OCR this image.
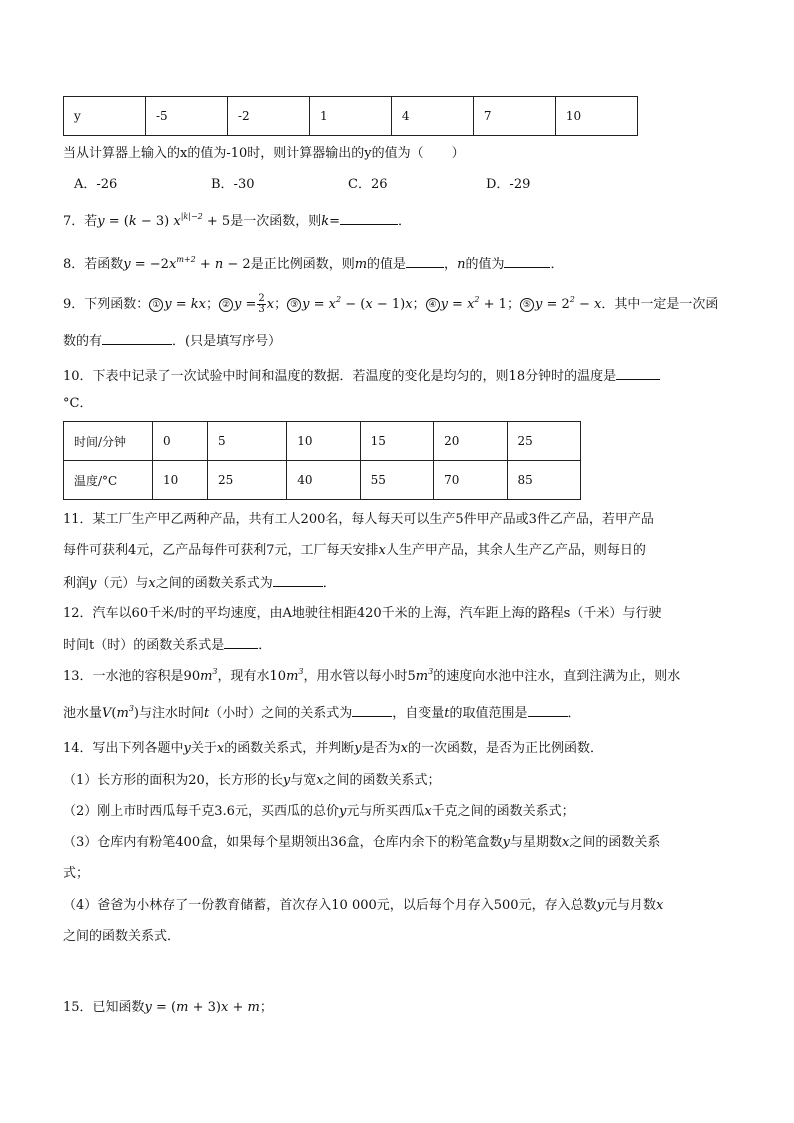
y	-5	-2	1	4	7	10
当从计算器上输入的x的值为-10时，则计算器输出的y的值为（ ）
A．-26	B．-30	C．26	D．-29
7．若y = (k − 3) $x^{|k|-2} + 5$是一次函数，则k=	．
8．若函数$y = -2x^{m+2} + n - 2$是正比例函数，则m的值是	，n的值为	．
9．下列函数： ① y = kx； ② $y = \frac{2}{3}$ x； ③ $y = x^2 - (x - 1)x$； ④ $y = x^2 + 1$； ⑤ $y = 2^2 - x$．其中一定是一次函
数的有	．(只是填写序号）
10．下表中记录了一次试验中时间和温度的数据．若温度的变化是均匀的，则18分钟时的温度是
°C．
时间/分钟	0	5	10	15	20	25
温度/°C	10	25	40	55	70	85
11．某工厂生产甲乙两种产品，共有工人200名，每人每天可以生产5件甲产品或3件乙产品，若甲产品
每件可获利4元，乙产品每件可获利7元，工厂每天安排x人生产甲产品，其余人生产乙产品，则每日的
利润y（元）与x之间的函数关系式为	．
12．汽车以60千米/时的平均速度，由A地驶往相距420千米的上海，汽车距上海的路程s（千米）与行驶
时间t（时）的函数关系式是	．
13．一水池的容积是$90m^3$，现有水$10m^3$，用水管以每小时$5m^3$的速度向水池中注水，直到注满为止，则水
池水量$V(m^3)$与注水时间t（小时）之间的关系式为	，自变量t的取值范围是	．
14．写出下列各题中y关于x的函数关系式，并判断y是否为x的一次函数，是否为正比例函数．
（1）长方形的面积为20，长方形的长y与宽x之间的函数关系式；
（2）刚上市时西瓜每千克3.6元，买西瓜的总价y元与所买西瓜x千克之间的函数关系式；
（3）仓库内有粉笔400盒，如果每个星期领出36盒，仓库内余下的粉笔盒数y与星期数x之间的函数关系
式；
（4）爸爸为小林存了一份教育储蓄，首次存入10 000元，以后每个月存入500元，存入总数y元与月数x
之间的函数关系式．
15．已知函数y = (m + 3)x + m；
